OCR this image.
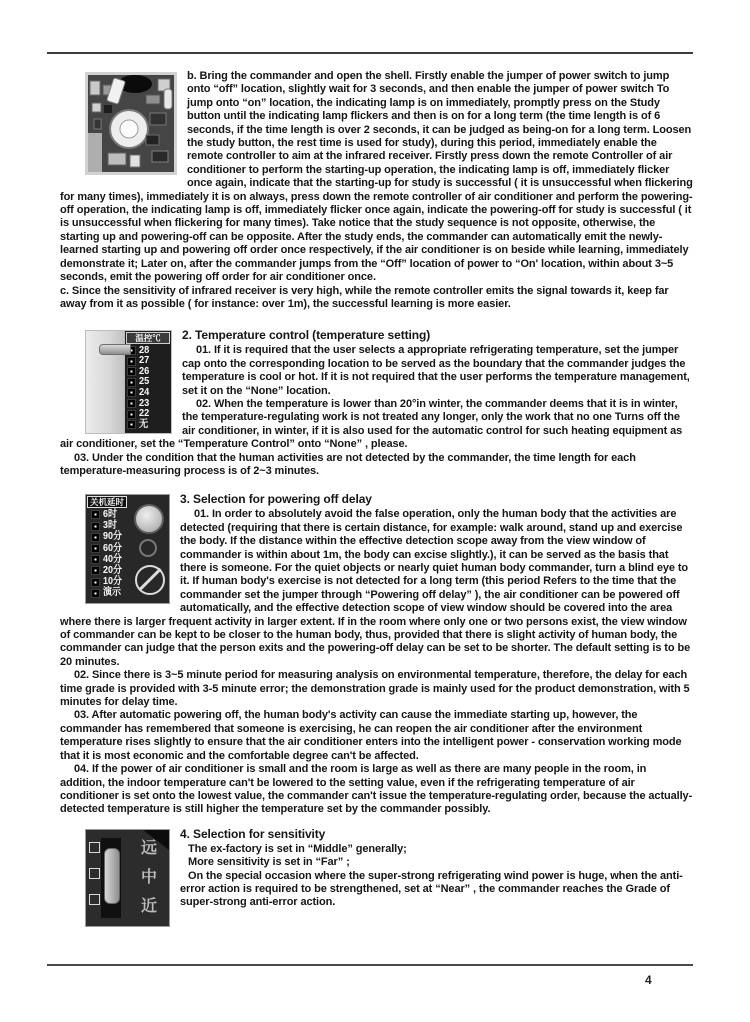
b. Bring the commander and open the shell. Firstly enable the jumper of power switch to jump onto “off” location, slightly wait for 3 seconds, and then enable the jumper of power switch To jump onto “on” location, the indicating lamp is on immediately, promptly press on the Study button until the indicating lamp flickers and then is on for a long term (the time length is of 6 seconds, if the time length is over 2 seconds, it can be judged as being-on for a long term. Loosen the study button, the rest time is used for study), during this period, immediately enable the remote controller to aim at the infrared receiver. Firstly press down the remote Controller of air conditioner to perform the starting-up operation, the indicating lamp is off, immediately flicker once again, indicate that the starting-up for study is successful ( it is unsuccessful when flickering for many times), immediately it is on always, press down the remote controller of air conditioner and perform the powering-off operation, the indicating lamp is off, immediately flicker once again, indicate the powering-off for study is successful ( it is unsuccessful when flickering for many times). Take notice that the study sequence is not opposite, otherwise, the starting up and powering-off can be opposite. After the study ends, the commander can automatically emit the newly-learned starting up and powering off order once respectively, if the air conditioner is on beside while learning, immediately demonstrate it; Later on, after the commander jumps from the “Off” location of power to “On' location, within about 3~5 seconds, emit the powering off order for air conditioner once.

c. Since the sensitivity of infrared receiver is very high, while the remote controller emits the signal towards it, keep far away from it as possible ( for instance: over 1m), the successful learning is more easier.

温控℃
28
27
26
25
24
23
22
无
2. Temperature control (temperature setting)

01. If it is required that the user selects a appropriate refrigerating temperature, set the jumper cap onto the corresponding location to be served as the boundary that the commander judges the temperature is cool or hot. If it is not required that the user performs the temperature management, set it on the “None” location.

02. When the temperature is lower than 20°in winter, the commander deems that it is in winter, the temperature-regulating work is not treated any longer, only the work that no one Turns off the air conditioner, in winter, if it is also used for the automatic control for such heating equipment as air conditioner, set the “Temperature Control” onto “None” , please.

03. Under the condition that the human activities are not detected by the commander, the time length for each temperature-measuring process is of 2~3 minutes.

关机延时
6时
3时
90分
60分
40分
20分
10分
演示
3. Selection for powering off delay

01. In order to absolutely avoid the false operation, only the human body that the activities are detected (requiring that there is certain distance, for example: walk around, stand up and exercise the body. If the distance within the effective detection scope away from the view window of commander is within about 1m, the body can excise slightly.), it can be served as the basis that there is someone. For the quiet objects or nearly quiet human body commander, turn a blind eye to it. If human body's exercise is not detected for a long term (this period Refers to the time that the commander set the jumper through “Powering off delay” ), the air conditioner can be powered off automatically, and the effective detection scope of view window should be covered into the area where there is larger frequent activity in larger extent. If in the room where only one or two persons exist, the view window of commander can be kept to be closer to the human body, thus, provided that there is slight activity of human body, the commander can judge that the person exits and the powering-off delay can be set to be shorter. The default setting is to be 20 minutes.

02. Since there is 3~5 minute period for measuring analysis on environmental temperature, therefore, the delay for each time grade is provided with 3-5 minute error; the demonstration grade is mainly used for the product demonstration, with 5 minutes for delay time.

03. After automatic powering off, the human body's activity can cause the immediate starting up, however, the commander has remembered that someone is exercising, he can reopen the air conditioner after the environment temperature rises slightly to ensure that the air conditioner enters into the intelligent power - conservation working mode that it is most economic and the comfortable degree can't be affected.

04. If the power of air conditioner is small and the room is large as well as there are many people in the room, in addition, the indoor temperature can't be lowered to the setting value, even if the refrigerating temperature of air conditioner is set onto the lowest value, the commander can't issue the temperature-regulating order, because the actually-detected temperature is still higher the temperature set by the commander possibly.

远
中
近
4. Selection for sensitivity

The ex-factory is set in “Middle” generally;

More sensitivity is set in “Far” ;

On the special occasion where the super-strong refrigerating wind power is huge, when the anti- error action is required to be strengthened, set at “Near” , the commander reaches the Grade of super-strong anti-error action.

4
